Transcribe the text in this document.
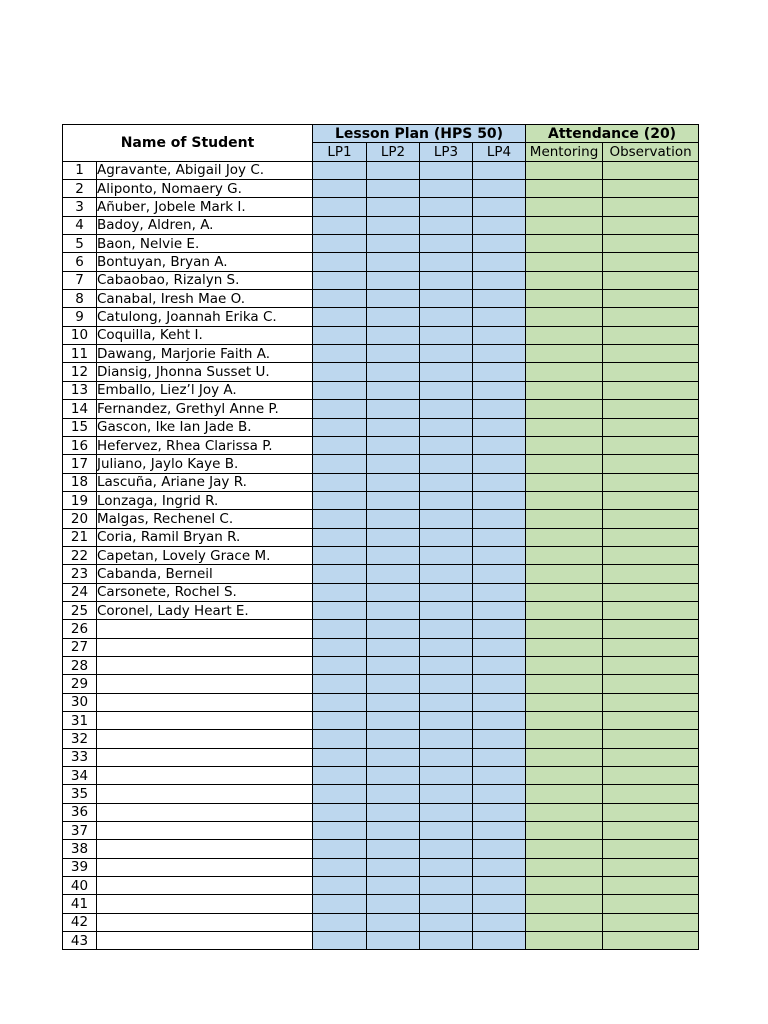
Name of Student		Lesson Plan (HPS 50)				Attendance (20)	
		LP1	LP2	LP3	LP4	Mentoring	Observation
1	Agravante, Abigail Joy C.						
2	Aliponto, Nomaery G.						
3	Añuber, Jobele Mark I.						
4	Badoy, Aldren, A.						
5	Baon, Nelvie E.						
6	Bontuyan, Bryan A.						
7	Cabaobao, Rizalyn S.						
8	Canabal, Iresh Mae O.						
9	Catulong, Joannah Erika C.						
10	Coquilla, Keht I.						
11	Dawang, Marjorie Faith A.						
12	Diansig, Jhonna Susset U.						
13	Emballo, Liez’l Joy A.						
14	Fernandez, Grethyl Anne P.						
15	Gascon, Ike Ian Jade B.						
16	Hefervez, Rhea Clarissa P.						
17	Juliano, Jaylo Kaye B.						
18	Lascuña, Ariane Jay R.						
19	Lonzaga, Ingrid R.						
20	Malgas, Rechenel C.						
21	Coria, Ramil Bryan R.						
22	Capetan, Lovely Grace M.						
23	Cabanda, Berneil						
24	Carsonete, Rochel S.						
25	Coronel, Lady Heart E.						
26							
27							
28							
29							
30							
31							
32							
33							
34							
35							
36							
37							
38							
39							
40							
41							
42							
43							
